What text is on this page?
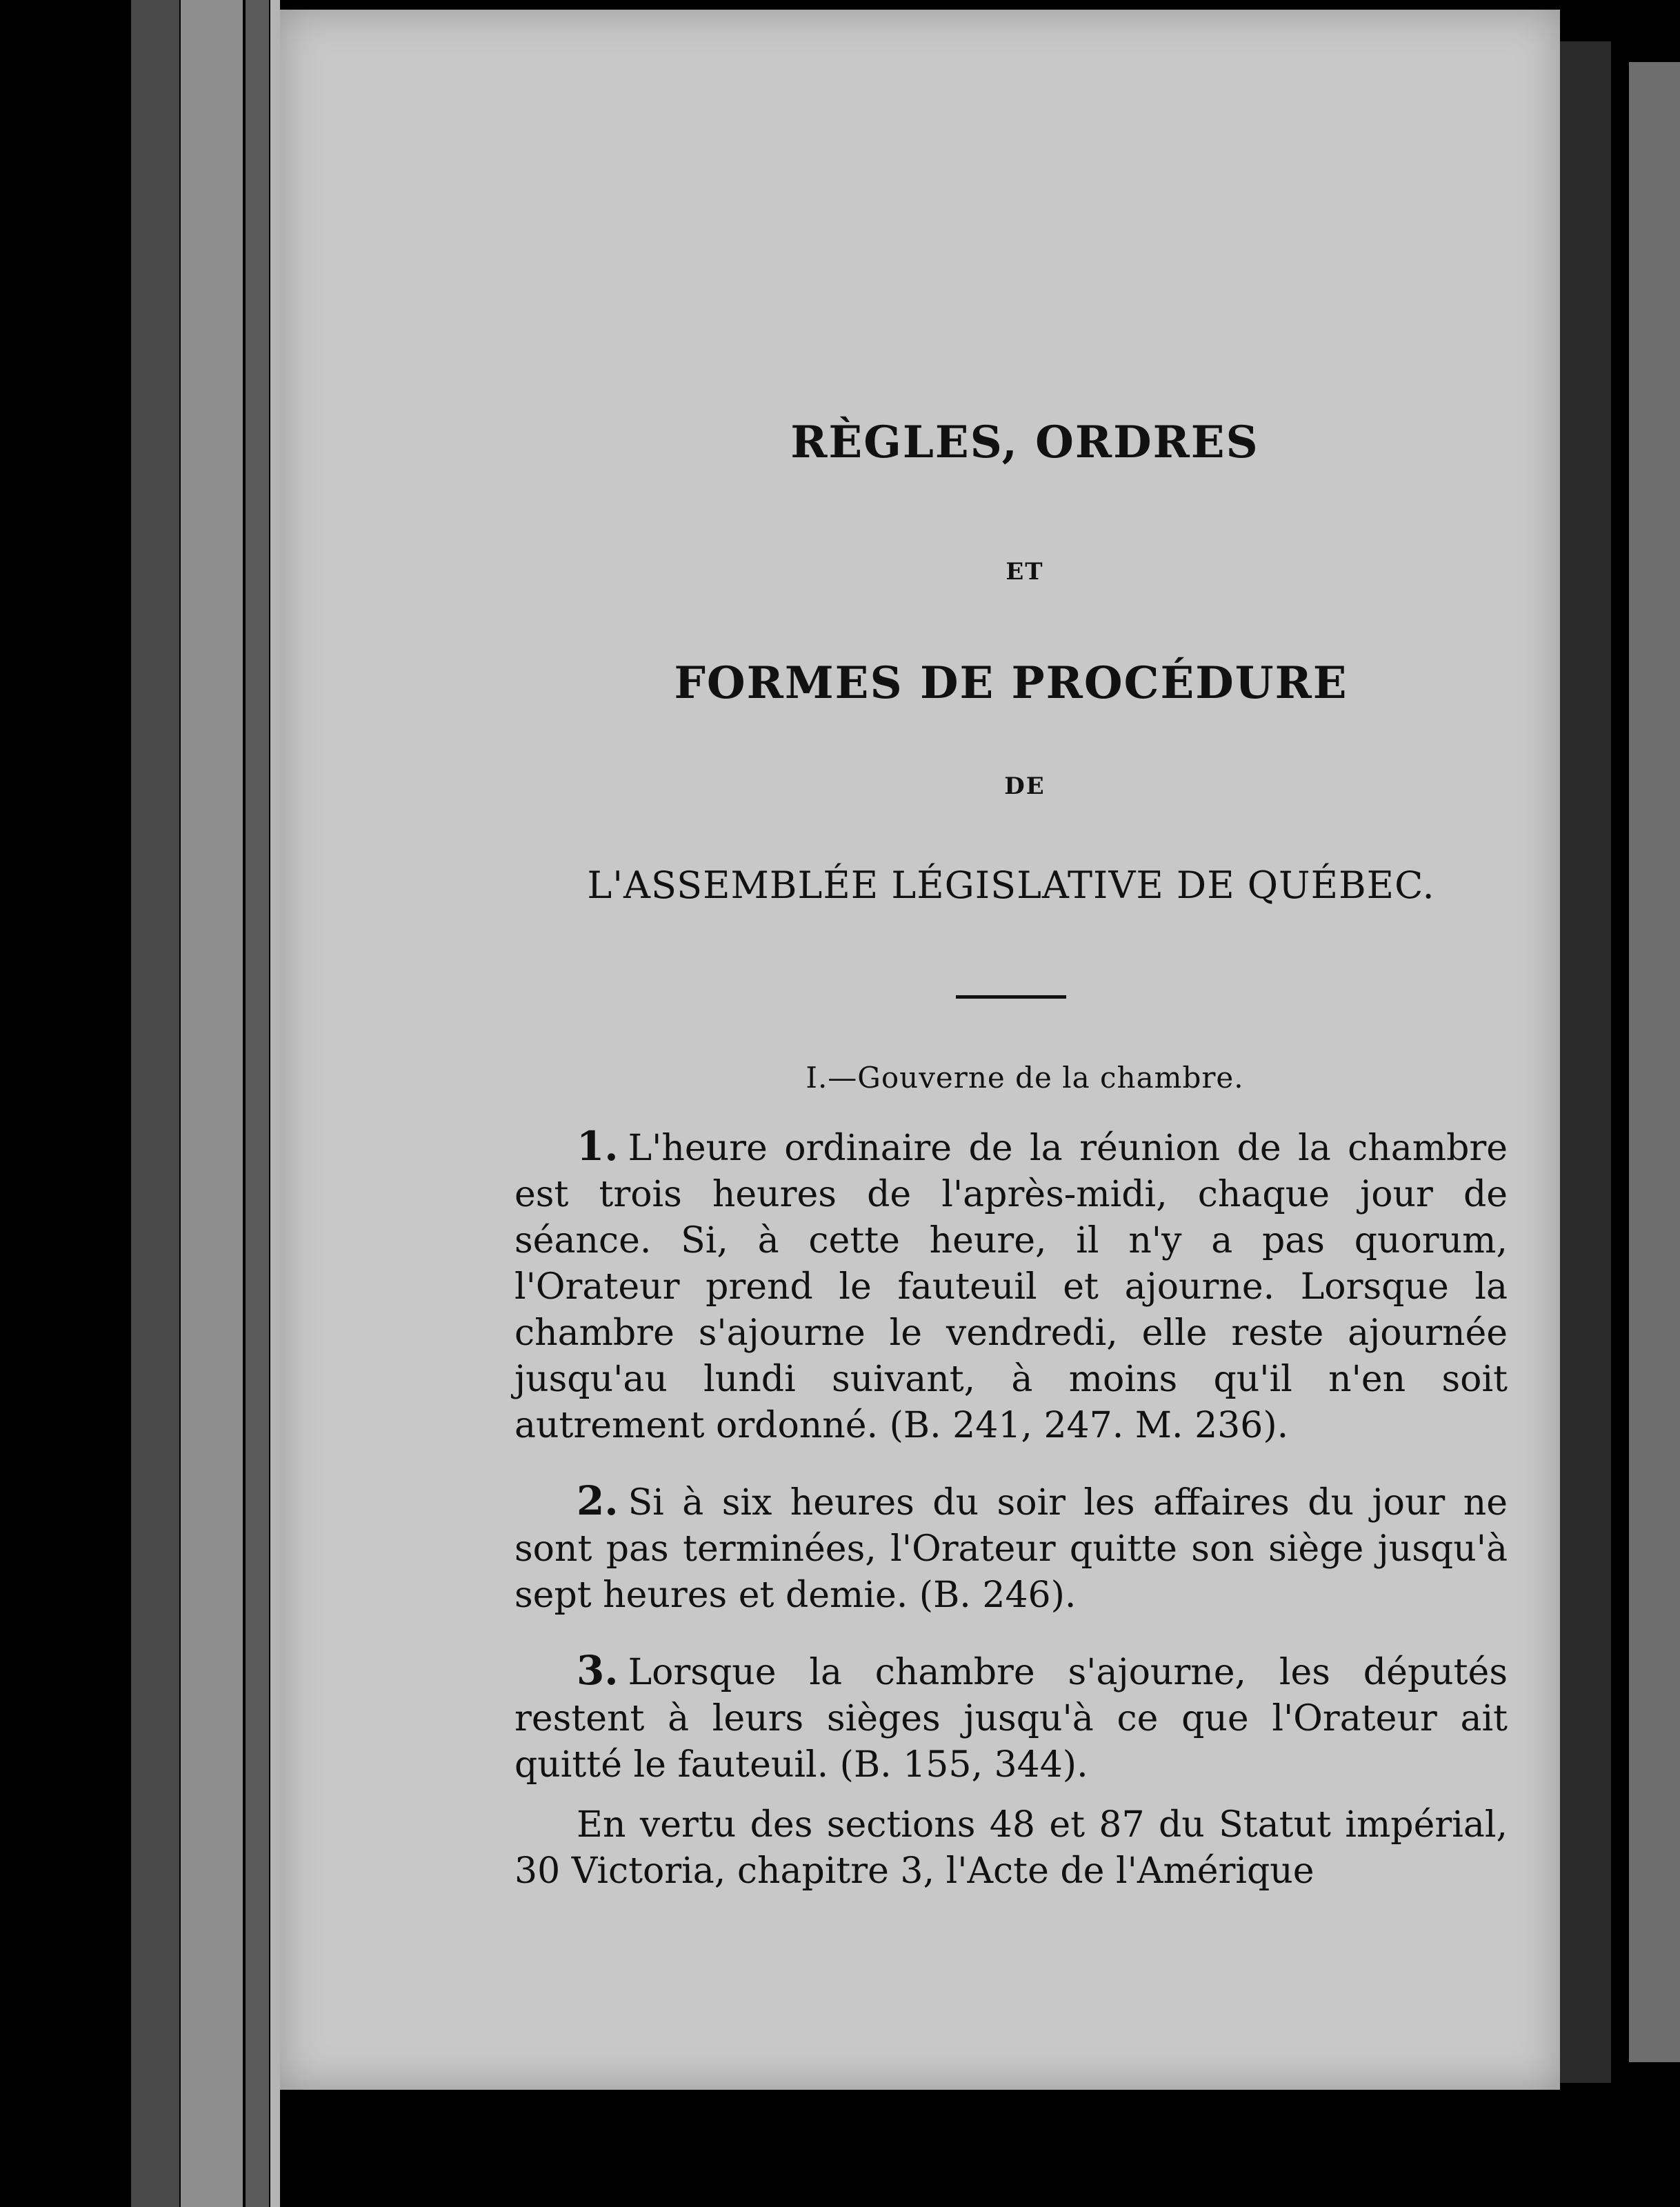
RÈGLES, ORDRES

ET

FORMES DE PROCÉDURE

DE

L'ASSEMBLÉE LÉGISLATIVE DE QUÉBEC.

I.—Gouverne de la chambre.

1. L'heure ordinaire de la réunion de la chambre est trois heures de l'après-midi, chaque jour de séance. Si, à cette heure, il n'y a pas quorum, l'Orateur prend le fauteuil et ajourne. Lorsque la chambre s'ajourne le vendredi, elle reste ajournée jusqu'au lundi suivant, à moins qu'il n'en soit autrement ordonné. (B. 241, 247. M. 236).

2. Si à six heures du soir les affaires du jour ne sont pas terminées, l'Orateur quitte son siège jusqu'à sept heures et demie. (B. 246).

3. Lorsque la chambre s'ajourne, les députés restent à leurs sièges jusqu'à ce que l'Orateur ait quitté le fauteuil. (B. 155, 344).

En vertu des sections 48 et 87 du Statut impérial, 30 Victoria, chapitre 3, l'Acte de l'Amérique
